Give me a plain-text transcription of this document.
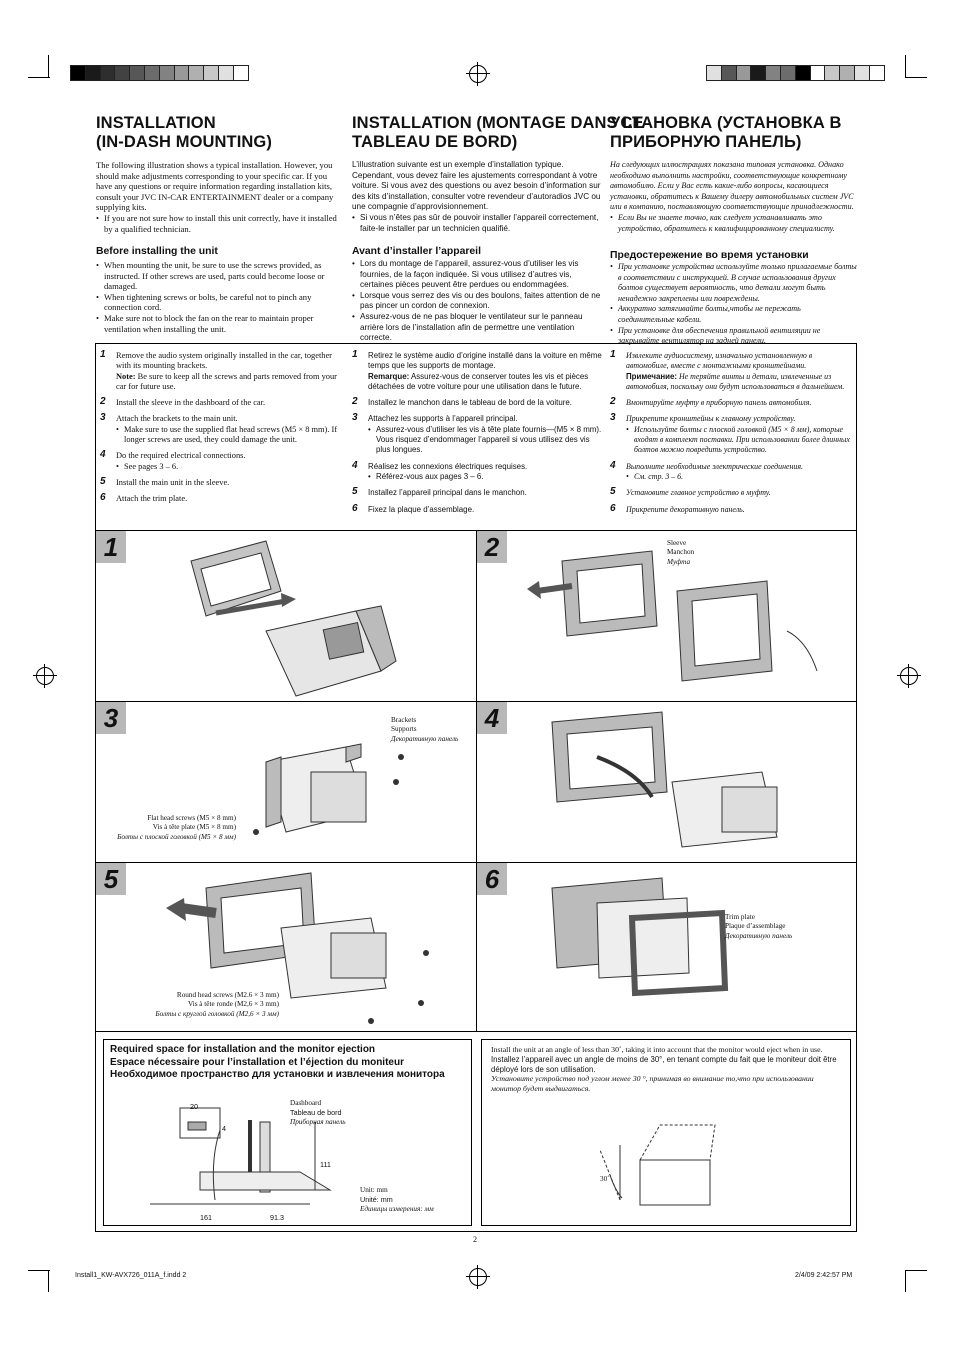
INSTALLATION
(IN-DASH MOUNTING)

The following illustration shows a typical installation. However, you should make adjustments corresponding to your specific car. If you have any questions or require information regarding installation kits, consult your JVC IN-CAR ENTERTAINMENT dealer or a company supplying kits.

• If you are not sure how to install this unit correctly, have it installed by a qualified technician.
Before installing the unit
• When mounting the unit, be sure to use the screws provided, as instructed. If other screws are used, parts could become loose or damaged.
• When tightening screws or bolts, be careful not to pinch any connection cord.
• Make sure not to block the fan on the rear to maintain proper ventilation when installing the unit.
INSTALLATION (MONTAGE DANS LE
TABLEAU DE BORD)

L’illustration suivante est un exemple d’installation typique. Cependant, vous devez faire les ajustements correspondant à votre voiture. Si vous avez des questions ou avez besoin d’information sur des kits d’installation, consulter votre revendeur d’autoradios JVC ou une compagnie d’approvisionnement.

• Si vous n’êtes pas sûr de pouvoir installer l’appareil correctement, faite-le installer par un technicien qualifié.
Avant d’installer l’appareil
• Lors du montage de l’appareil, assurez-vous d’utiliser les vis fournies, de la façon indiquée. Si vous utilisez d’autres vis, certaines pièces peuvent être perdues ou endommagées.
• Lorsque vous serrez des vis ou des boulons, faites attention de ne pas pincer un cordon de connexion.
• Assurez-vous de ne pas bloquer le ventilateur sur le panneau arrière lors de l’installation afin de permettre une ventilation correcte.
УСТАНОВКА (УСТАНОВКА В
ПРИБОРНУЮ ПАНЕЛЬ)

На следующих иллюстрациях показана типовая установка. Однако необходимо выполнить настройки, соответствующие конкретному автомобилю. Если у Вас есть какие-либо вопросы, касающиеся установки, обратитесь к Вашему дилеру автомобильных систем JVC или в компанию, поставляющую соответствующие принадлежности.

• Если Вы не знаете точно, как следует устанавливать это устройство, обратитесь к квалифицированному специалисту.
Предостережение во время установки
• При установке устройства используйте только прилагаемые болты в соответствии с инструкцией. В случае использования других болтов существует вероятность, что детали могут быть ненадежно закреплены или повреждены.
• Аккуратно затягивайте болты,чтобы не пережать соединительные кабели.
• При установке для обеспечения правильной вентиляции не закрывайте вентилятор на задней панели.
1 Remove the audio system originally installed in the car, together with its mounting brackets.
Note: Be sure to keep all the screws and parts removed from your car for future use.
2 Install the sleeve in the dashboard of the car.
3 Attach the brackets to the main unit.
• Make sure to use the supplied flat head screws (M5 × 8 mm). If longer screws are used, they could damage the unit.
4 Do the required electrical connections.
• See pages 3 – 6.
5 Install the main unit in the sleeve.
6 Attach the trim plate.
1 Retirez le système audio d’origine installé dans la voiture en même temps que les supports de montage.
Remarque: Assurez-vous de conserver toutes les vis et pièces détachées de votre voiture pour une utilisation dans le future.
2 Installez le manchon dans le tableau de bord de la voiture.
3 Attachez les supports à l’appareil principal.
• Assurez-vous d’utiliser les vis à tête plate fournis—(M5 × 8 mm). Vous risquez d’endommager l’appareil si vous utilisez des vis plus longues.
4 Réalisez les connexions électriques requises.
• Référez-vous aux pages 3 – 6.
5 Installez l’appareil principal dans le manchon.
6 Fixez la plaque d’assemblage.
1 Извлеките аудиосистему, изначально установленную в автомобиле, вместе с монтажными кронштейнами.
Примечание: Не теряйте винты и детали, извлеченные из автомобиля, поскольку они будут использоваться в дальнейшем.
2 Вмонтируйте муфту в приборную панель автомобиля.
3 Прикрепите кронштейны к главному устройству.
• Используйте болты с плоской головкой (M5 × 8 мм), которые входят в комплект поставки. При использовании более длинных болтов можно повредить устройство.
4 Выполните необходимые электрические соединения.
• См. стр. 3 – 6.
5 Установите главное устройство в муфту.
6 Прикрепите декоративную панель.
1	2	Sleeve
Manchon
Муфта
3	Brackets
Supports
Декоративную панель
Flat head screws (M5 × 8 mm)
Vis à tête plate (M5 × 8 mm)
Болты с плоской головкой (M5 × 8 мм)
4
5
Round head screws (M2.6 × 3 mm)
Vis à tête ronde (M2,6 × 3 mm)
Болты с круглой головкой (M2,6 × 3 мм)
6
Trim plate
Plaque d’assemblage
Декоративную панель
Required space for installation and the monitor ejection
Espace nécessaire pour l’installation et l’éjection du moniteur
Необходимое пространство для установки и извлечения монитора
20
4
111
161	91.3
Dashboard
Tableau de bord
Приборная панель
Unit: mm
Unité: mm
Единицы измерения: мм

Install the unit at an angle of less than 30˚, taking it into account that the monitor would eject when in use.

Installez l’appareil avec un angle de moins de 30°, en tenant compte du fait que le moniteur doit être déployé lors de son utilisation.

Установите устройство под углом менее 30 °, принимая во внимание то,что при использовании монитор будет выдвигаться.

30˚
2
Install1_KW-AVX726_011A_f.indd 2	2/4/09 2:42:57 PM
